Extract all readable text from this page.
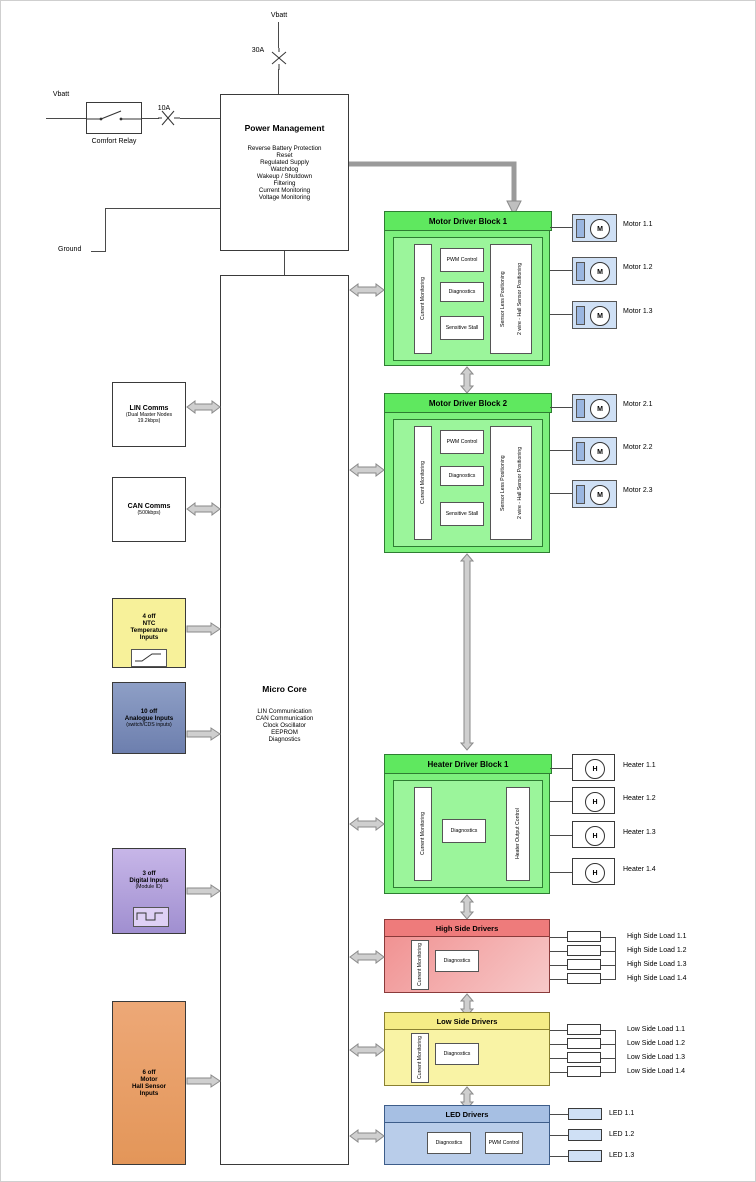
Vbatt
30A
Vbatt
Comfort Relay
10A
Ground
Power Management
Reverse Battery Protection
Reset
Regulated Supply
Watchdog
Wakeup / Shutdown
Filtering
Current Monitoring
Voltage Monitoring
Micro Core
LIN Communication
CAN Communication
Clock Oscillator
EEPROM
Diagnostics
LIN Comms
(Dual Master Nodes
19.2kbps)
CAN Comms
(500kbps)
4 off
NTC
Temperature
Inputs
10 off
Analogue Inputs
(switch/CDS inputs)
3 off
Digital Inputs
(Module ID)
6 off
Motor
Hall Sensor
Inputs
Motor Driver Block 1
Current Monitoring
PWM Control
Diagnostics
Sensitive Stall
Sensor Less Positioning	2 wire - Hall Sensor Positioning
M
Motor 1.1
M
Motor 1.2
M
Motor 1.3
Motor Driver Block 2
Current Monitoring
PWM Control
Diagnostics
Sensitive Stall
Sensor Less Positioning	2 wire - Hall Sensor Positioning
M
Motor 2.1
M
Motor 2.2
M
Motor 2.3
Heater Driver Block 1
Current Monitoring	Diagnostics	Heater Output Control
H	Heater 1.1
H	Heater 1.2
H	Heater 1.3
H	Heater 1.4
High Side Drivers
Current Monitoring	Diagnostics
High Side Load 1.1
High Side Load 1.2
High Side Load 1.3
High Side Load 1.4
Low Side Drivers
Current Monitoring	Diagnostics
Low Side Load 1.1
Low Side Load 1.2
Low Side Load 1.3
Low Side Load 1.4
LED Drivers
Diagnostics	PWM Control
LED 1.1
LED 1.2
LED 1.3
